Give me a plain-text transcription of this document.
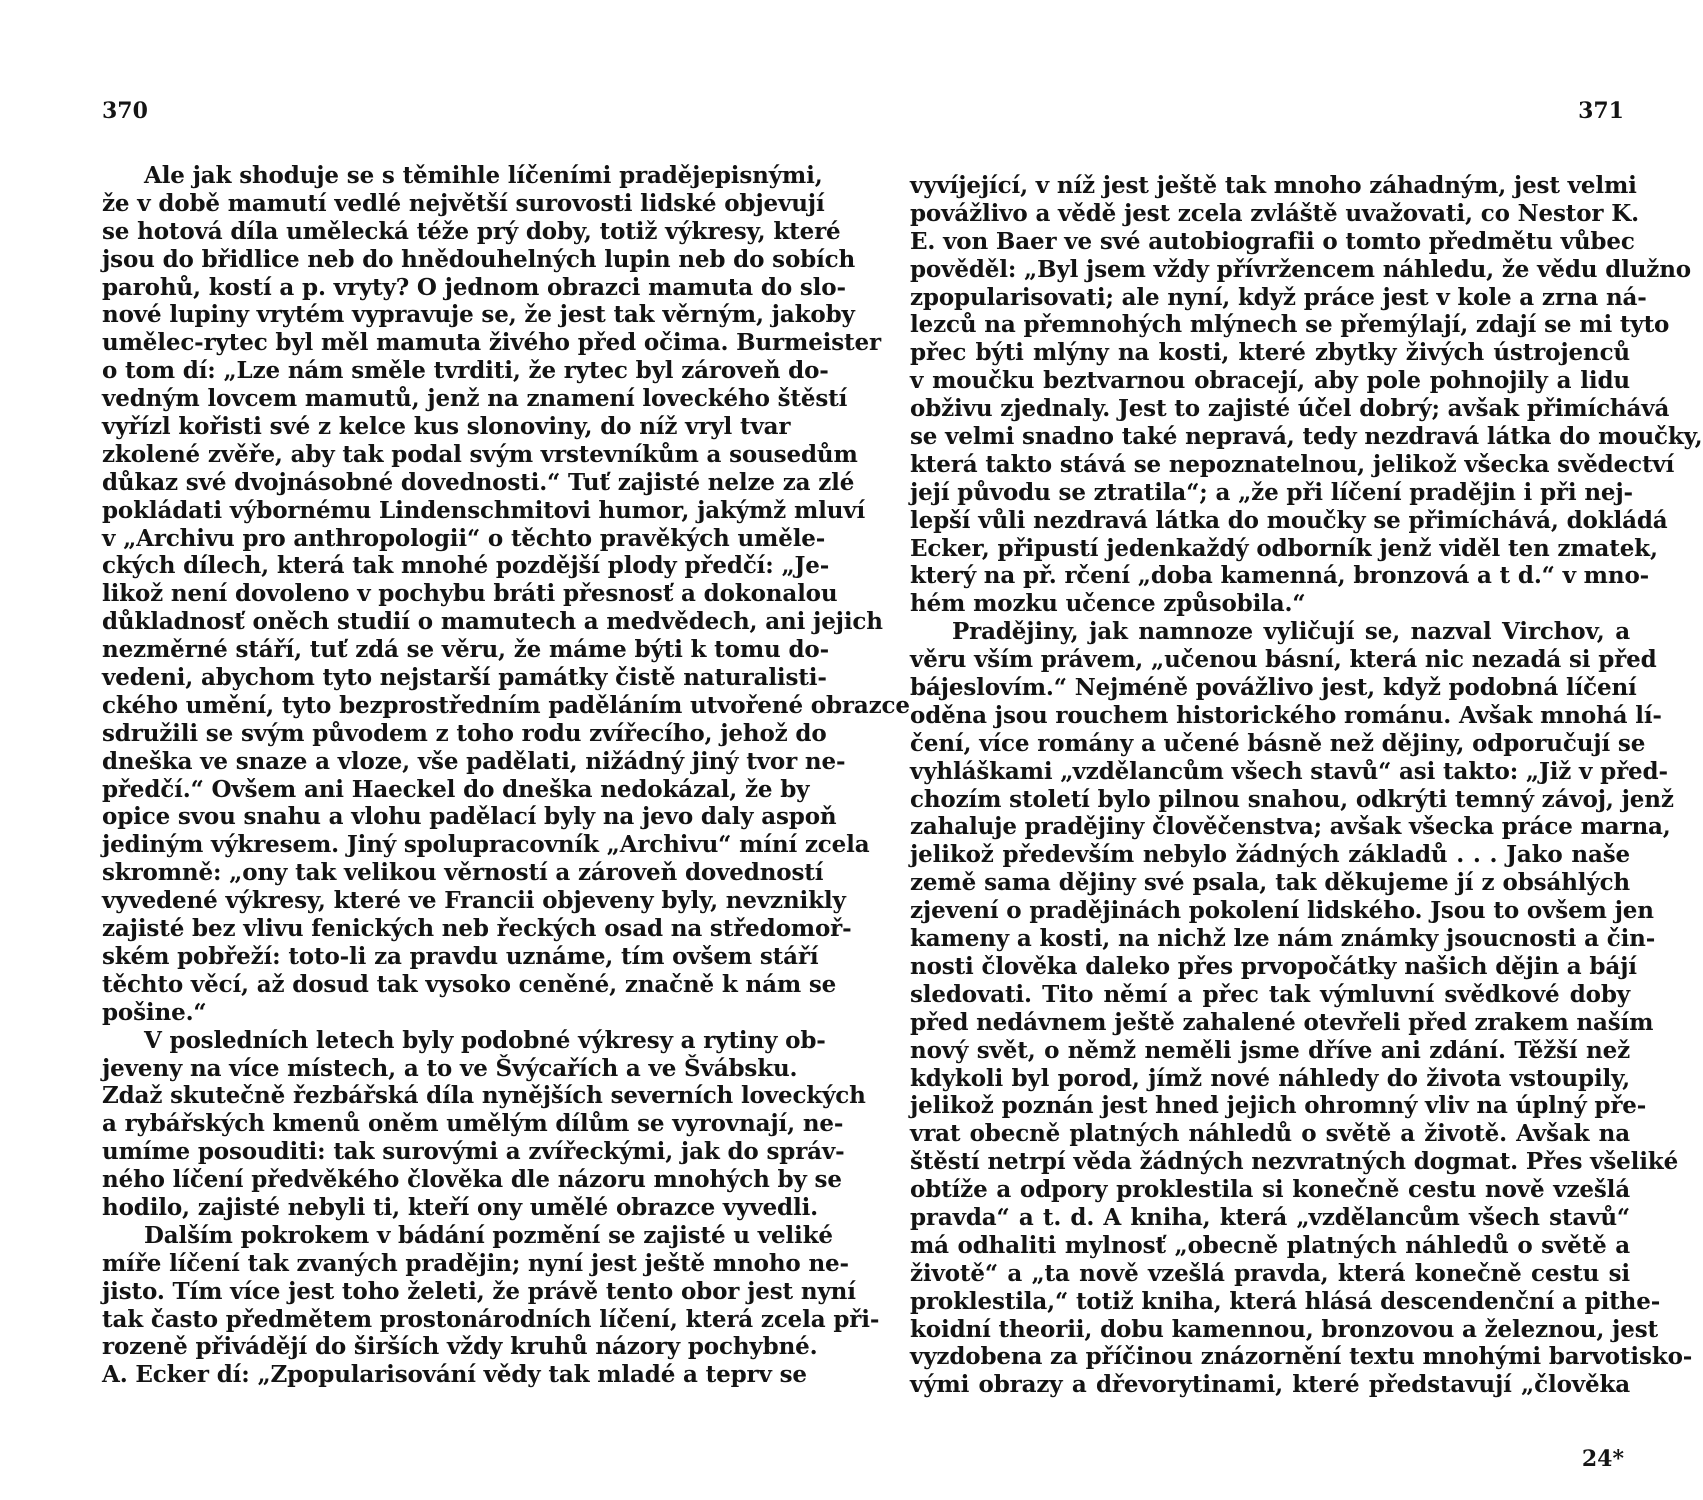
370
Ale jak shoduje se s těmihle líčeními pradějepisnými,
že v době mamutí vedlé největší surovosti lidské objevují
se hotová díla umělecká téže prý doby, totiž výkresy, které
jsou do břidlice neb do hnědouhelných lupin neb do sobích
parohů, kostí a p. vryty? O jednom obrazci mamuta do slo-
nové lupiny vrytém vypravuje se, že jest tak věrným, jakoby
umělec-rytec byl měl mamuta živého před očima. Burmeister
o tom dí: „Lze nám směle tvrditi, že rytec byl zároveň do-
vedným lovcem mamutů, jenž na znamení loveckého štěstí
vyřízl kořisti své z kelce kus slonoviny, do níž vryl tvar
zkolené zvěře, aby tak podal svým vrstevníkům a sousedům
důkaz své dvojnásobné dovednosti.“ Tuť zajisté nelze za zlé
pokládati výbornému Lindenschmitovi humor, jakýmž mluví
v „Archivu pro anthropologii“ o těchto pravěkých uměle-
ckých dílech, která tak mnohé pozdější plody předčí: „Je-
likož není dovoleno v pochybu bráti přesnosť a dokonalou
důkladnosť oněch studií o mamutech a medvědech, ani jejich
nezměrné stáří, tuť zdá se věru, že máme býti k tomu do-
vedeni, abychom tyto nejstarší památky čistě naturalisti-
ckého umění, tyto bezprostředním paděláním utvořené obrazce
sdružili se svým původem z toho rodu zvířecího, jehož do
dneška ve snaze a vloze, vše padělati, nižádný jiný tvor ne-
předčí.“ Ovšem ani Haeckel do dneška nedokázal, že by
opice svou snahu a vlohu padělací byly na jevo daly aspoň
jediným výkresem. Jiný spolupracovník „Archivu“ míní zcela
skromně: „ony tak velikou věrností a zároveň dovedností
vyvedené výkresy, které ve Francii objeveny byly, nevznikly
zajisté bez vlivu fenických neb řeckých osad na středomoř-
ském pobřeží: toto-li za pravdu uznáme, tím ovšem stáří
těchto věcí, až dosud tak vysoko ceněné, značně k nám se
pošine.“
V posledních letech byly podobné výkresy a rytiny ob-
jeveny na více místech, a to ve Švýcařích a ve Švábsku.
Zdaž skutečně řezbářská díla nynějších severních loveckých
a rybářských kmenů oněm umělým dílům se vyrovnají, ne-
umíme posouditi: tak surovými a zvířeckými, jak do správ-
ného líčení předvěkého člověka dle názoru mnohých by se
hodilo, zajisté nebyli ti, kteří ony umělé obrazce vyvedli.
Dalším pokrokem v bádání pozmění se zajisté u veliké
míře líčení tak zvaných pradějin; nyní jest ještě mnoho ne-
jisto. Tím více jest toho želeti, že právě tento obor jest nyní
tak často předmětem prostonárodních líčení, která zcela při-
rozeně přivádějí do širších vždy kruhů názory pochybné.
A. Ecker dí: „Zpopularisování vědy tak mladé a teprv se
371
vyvíjející, v níž jest ještě tak mnoho záhadným, jest velmi
povážlivo a vědě jest zcela zvláště uvažovati, co Nestor K.
E. von Baer ve své autobiografii o tomto předmětu vůbec
pověděl: „Byl jsem vždy přívržencem náhledu, že vědu dlužno
zpopularisovati; ale nyní, když práce jest v kole a zrna ná-
lezců na přemnohých mlýnech se přemýlají, zdají se mi tyto
přec býti mlýny na kosti, které zbytky živých ústrojenců
v moučku beztvarnou obracejí, aby pole pohnojily a lidu
obživu zjednaly. Jest to zajisté účel dobrý; avšak přimíchává
se velmi snadno také nepravá, tedy nezdravá látka do moučky,
která takto stává se nepoznatelnou, jelikož všecka svědectví
její původu se ztratila“; a „že při líčení pradějin i při nej-
lepší vůli nezdravá látka do moučky se přimíchává, dokládá
Ecker, připustí jedenkaždý odborník jenž viděl ten zmatek,
který na př. rčení „doba kamenná, bronzová a t d.“ v mno-
hém mozku učence způsobila.“
Pradějiny, jak namnoze vyličují se, nazval Virchov, a
věru vším právem, „učenou básní, která nic nezadá si před
bájeslovím.“ Nejméně povážlivo jest, když podobná líčení
oděna jsou rouchem historického románu. Avšak mnohá lí-
čení, více romány a učené básně než dějiny, odporučují se
vyhláškami „vzdělancům všech stavů“ asi takto: „Již v před-
chozím století bylo pilnou snahou, odkrýti temný závoj, jenž
zahaluje pradějiny člověčenstva; avšak všecka práce marna,
jelikož především nebylo žádných základů . . . Jako naše
země sama dějiny své psala, tak děkujeme jí z obsáhlých
zjevení o pradějinách pokolení lidského. Jsou to ovšem jen
kameny a kosti, na nichž lze nám známky jsoucnosti a čin-
nosti člověka daleko přes prvopočátky našich dějin a bájí
sledovati. Tito němí a přec tak výmluvní svědkové doby
před nedávnem ještě zahalené otevřeli před zrakem naším
nový svět, o němž neměli jsme dříve ani zdání. Těžší než
kdykoli byl porod, jímž nové náhledy do života vstoupily,
jelikož poznán jest hned jejich ohromný vliv na úplný pře-
vrat obecně platných náhledů o světě a životě. Avšak na
štěstí netrpí věda žádných nezvratných dogmat. Přes všeliké
obtíže a odpory proklestila si konečně cestu nově vzešlá
pravda“ a t. d. A kniha, která „vzdělancům všech stavů“
má odhaliti mylnosť „obecně platných náhledů o světě a
životě“ a „ta nově vzešlá pravda, která konečně cestu si
proklestila,“ totiž kniha, která hlásá descendenční a pithe-
koidní theorii, dobu kamennou, bronzovou a železnou, jest
vyzdobena za příčinou znázornění textu mnohými barvotisko-
vými obrazy a dřevorytinami, které představují „člověka
24*
